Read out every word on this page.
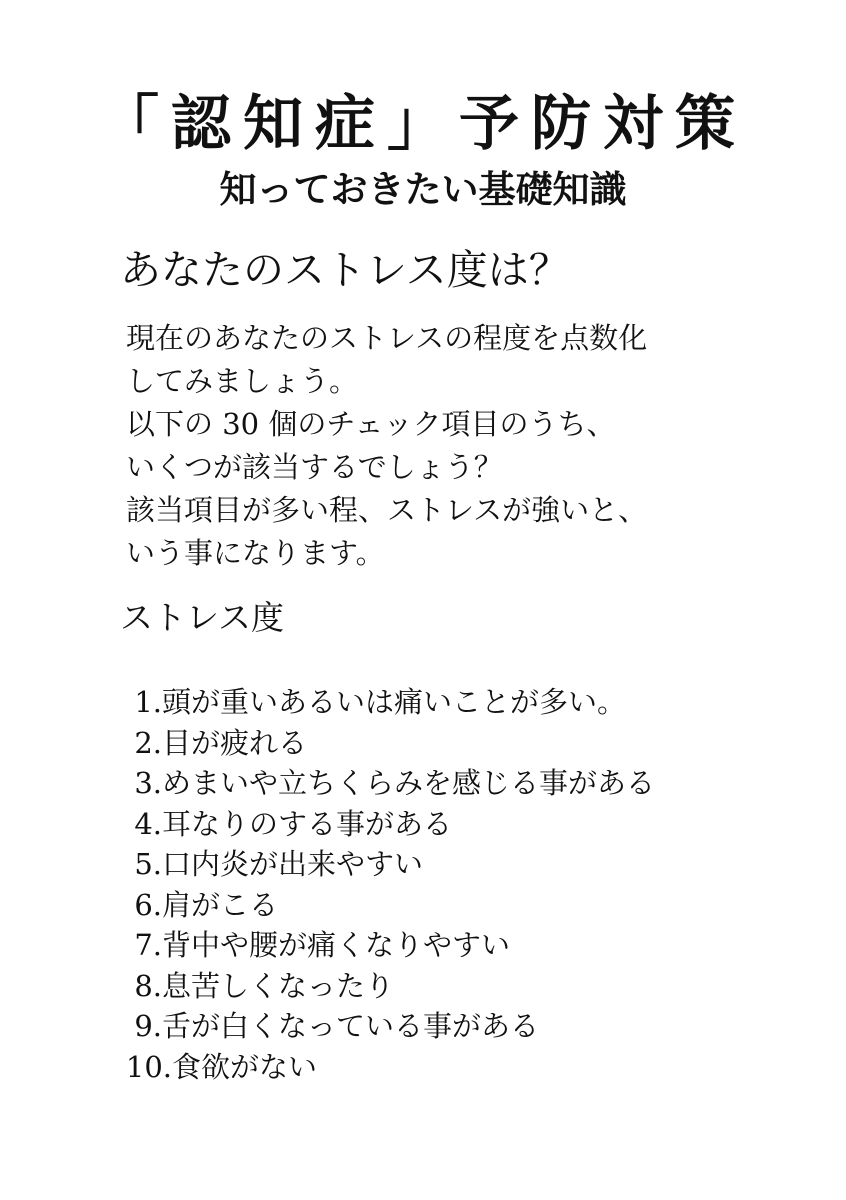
「認知症」予防対策
知っておきたい基礎知識
あなたのストレス度は？
現在のあなたのストレスの程度を点数化
してみましょう。
以下の 30 個のチェック項目のうち、
いくつが該当するでしょう？
該当項目が多い程、ストレスが強いと、
いう事になります。
ストレス度
1. 頭が重いあるいは痛いことが多い。
2. 目が疲れる
3. めまいや立ちくらみを感じる事がある
4. 耳なりのする事がある
5. 口内炎が出来やすい
6. 肩がこる
7. 背中や腰が痛くなりやすい
8. 息苦しくなったり
9. 舌が白くなっている事がある
10. 食欲がない
